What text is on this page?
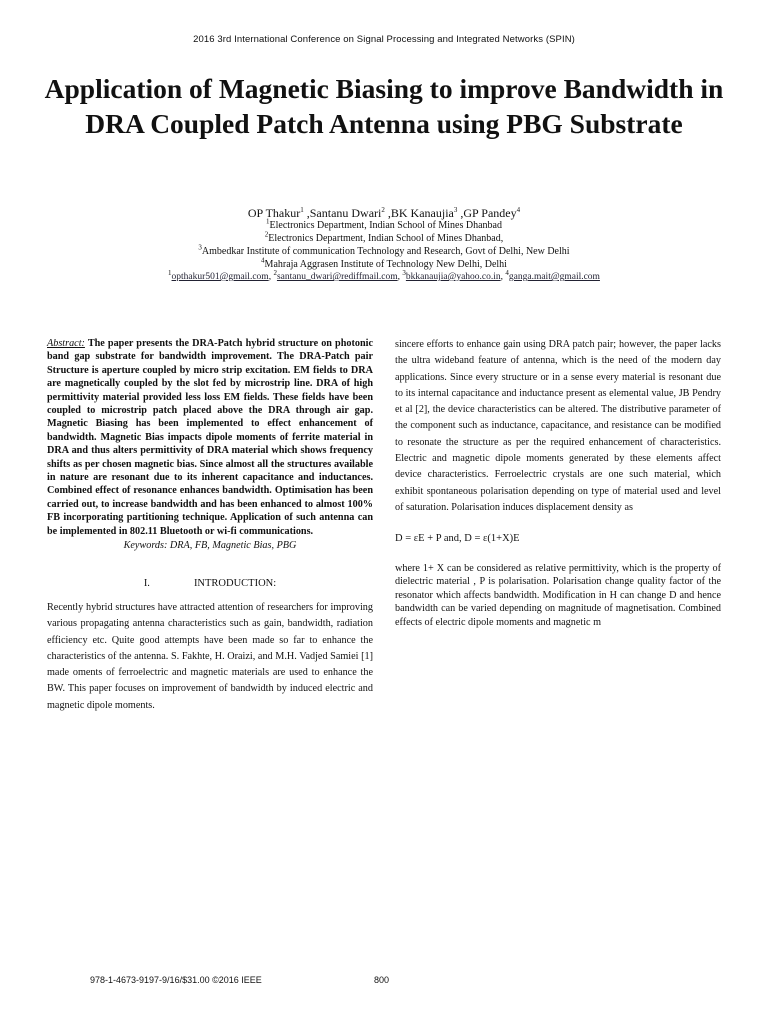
2016 3rd International Conference on Signal Processing and Integrated Networks (SPIN)
Application of Magnetic Biasing to improve Bandwidth in DRA Coupled Patch Antenna using PBG Substrate
OP Thakur$^1$ ,Santanu Dwari$^2$ ,BK Kanaujia$^3$ ,GP Pandey$^4$
$^1$Electronics Department, Indian School of Mines Dhanbad
$^2$Electronics Department, Indian School of Mines Dhanbad,
$^3$Ambedkar Institute of communication Technology and Research, Govt of Delhi, New Delhi
$^4$Mahraja Aggrasen Institute of Technology New Delhi, Delhi
$^1$opthakur501@gmail.com, $^2$santanu_dwari@rediffmail.com, $^3$bkkanaujia@yahoo.co.in, $^4$ganga.mait@gmail.com

Abstract: The paper presents the DRA-Patch hybrid structure on photonic band gap substrate for bandwidth improvement. The DRA-Patch pair Structure is aperture coupled by micro strip excitation. EM fields to DRA are magnetically coupled by the slot fed by microstrip line. DRA of high permittivity material provided less loss EM fields. These fields have been coupled to microstrip patch placed above the DRA through air gap. Magnetic Biasing has been implemented to effect enhancement of bandwidth. Magnetic Bias impacts dipole moments of ferrite material in DRA and thus alters permittivity of DRA material which shows frequency shifts as per chosen magnetic bias. Since almost all the structures available in nature are resonant due to its inherent capacitance and inductances. Combined effect of resonance enhances bandwidth. Optimisation has been carried out, to increase bandwidth and has been enhanced to almost 100% FB incorporating partitioning technique. Application of such antenna can be implemented in 802.11 Bluetooth or wi-fi communications.

Keywords: DRA, FB, Magnetic Bias, PBG

I.	INTRODUCTION:

Recently hybrid structures have attracted attention of researchers for improving various propagating antenna characteristics such as gain, bandwidth, radiation efficiency etc. Quite good attempts have been made so far to enhance the characteristics of the antenna. S. Fakhte, H. Oraizi, and M.H. Vadjed Samiei [1] made oments of ferroelectric and magnetic materials are used to enhance the BW. This paper focuses on improvement of bandwidth by induced electric and magnetic dipole moments.

sincere efforts to enhance gain using DRA patch pair; however, the paper lacks the ultra wideband feature of antenna, which is the need of the modern day applications. Since every structure or in a sense every material is resonant due to its internal capacitance and inductance present as elemental value, JB Pendry et al [2], the device characteristics can be altered. The distributive parameter of the component such as inductance, capacitance, and resistance can be modified to resonate the structure as per the required enhancement of characteristics. Electric and magnetic dipole moments generated by these elements affect device characteristics. Ferroelectric crystals are one such material, which exhibit spontaneous polarisation depending on type of material used and level of saturation. Polarisation induces displacement density as

D = εE + P and, D = ε(1+Χ)E

where 1+ Χ can be considered as relative permittivity, which is the property of dielectric material , P is polarisation. Polarisation change quality factor of the resonator which affects bandwidth. Modification in H can change D and hence bandwidth can be varied depending on magnitude of magnetisation. Combined effects of electric dipole moments and magnetic m

978-1-4673-9197-9/16/$31.00 ©2016 IEEE	800
